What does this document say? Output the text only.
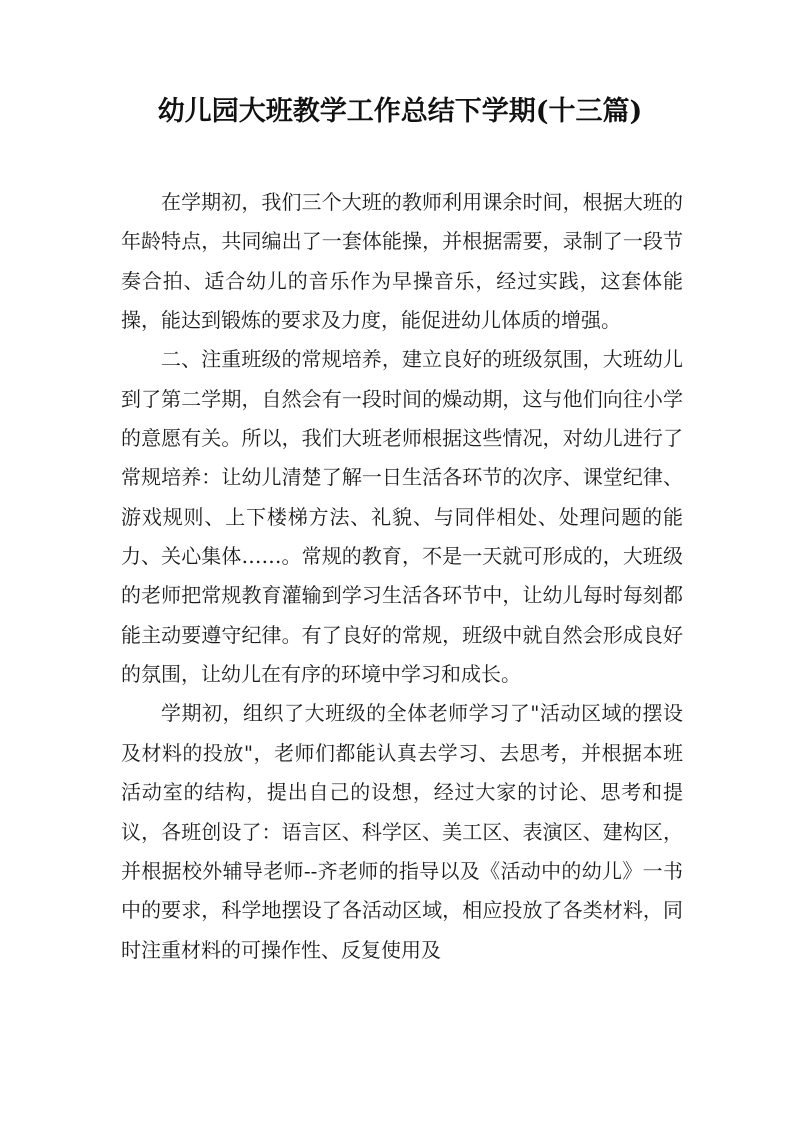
幼儿园大班教学工作总结下学期(十三篇)

在学期初，我们三个大班的教师利用课余时间，根据大班的年龄特点，共同编出了一套体能操，并根据需要，录制了一段节奏合拍、适合幼儿的音乐作为早操音乐，经过实践，这套体能操，能达到锻炼的要求及力度，能促进幼儿体质的增强。

二、注重班级的常规培养，建立良好的班级氛围，大班幼儿到了第二学期，自然会有一段时间的燥动期，这与他们向往小学的意愿有关。所以，我们大班老师根据这些情况，对幼儿进行了常规培养：让幼儿清楚了解一日生活各环节的次序、课堂纪律、游戏规则、上下楼梯方法、礼貌、与同伴相处、处理问题的能力、关心集体……。常规的教育，不是一天就可形成的，大班级的老师把常规教育灌输到学习生活各环节中，让幼儿每时每刻都能主动要遵守纪律。有了良好的常规，班级中就自然会形成良好的氛围，让幼儿在有序的环境中学习和成长。

学期初，组织了大班级的全体老师学习了"活动区域的摆设及材料的投放"，老师们都能认真去学习、去思考，并根据本班活动室的结构，提出自己的设想，经过大家的讨论、思考和提议，各班创设了：语言区、科学区、美工区、表演区、建构区，并根据校外辅导老师--齐老师的指导以及《活动中的幼儿》一书中的要求，科学地摆设了各活动区域，相应投放了各类材料，同时注重材料的可操作性、反复使用及
